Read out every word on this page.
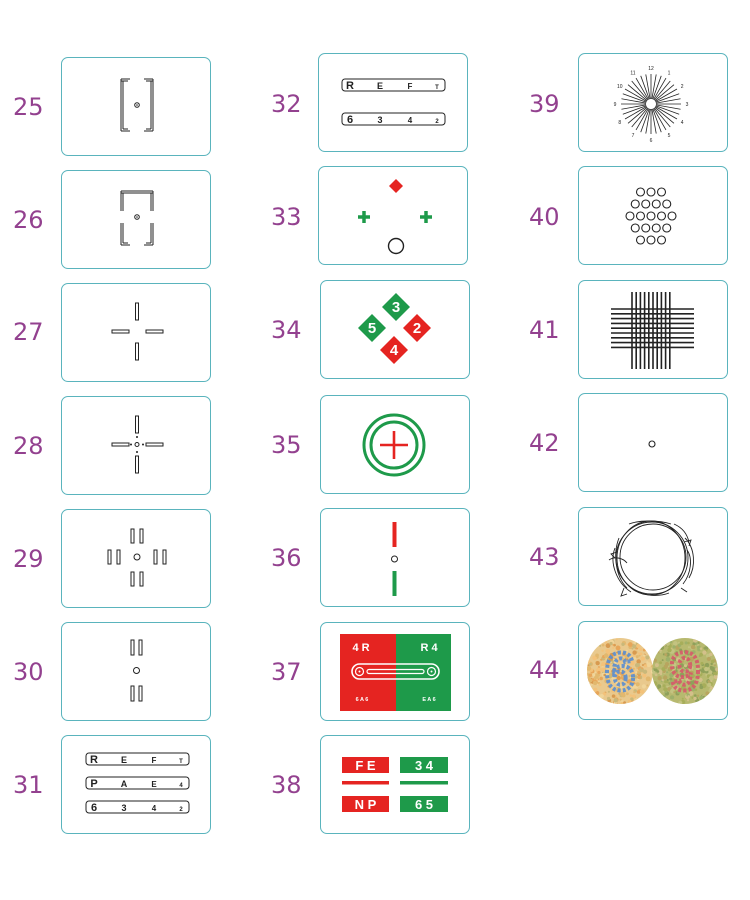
25
26
27
28
29
30
31
R	E	F	T
P	A	E	4
6	3	4	2
32
R	E	F	T
6	3	4	2
33
34
3
5 2
4
35
36
37
4 R	R 4
6 A 6	E A 6
38
F E	3 4
N P	6 5
39
12
1
2
3
4
5
6
7
8
9
10
11
40
41
42
43
44 6 9
